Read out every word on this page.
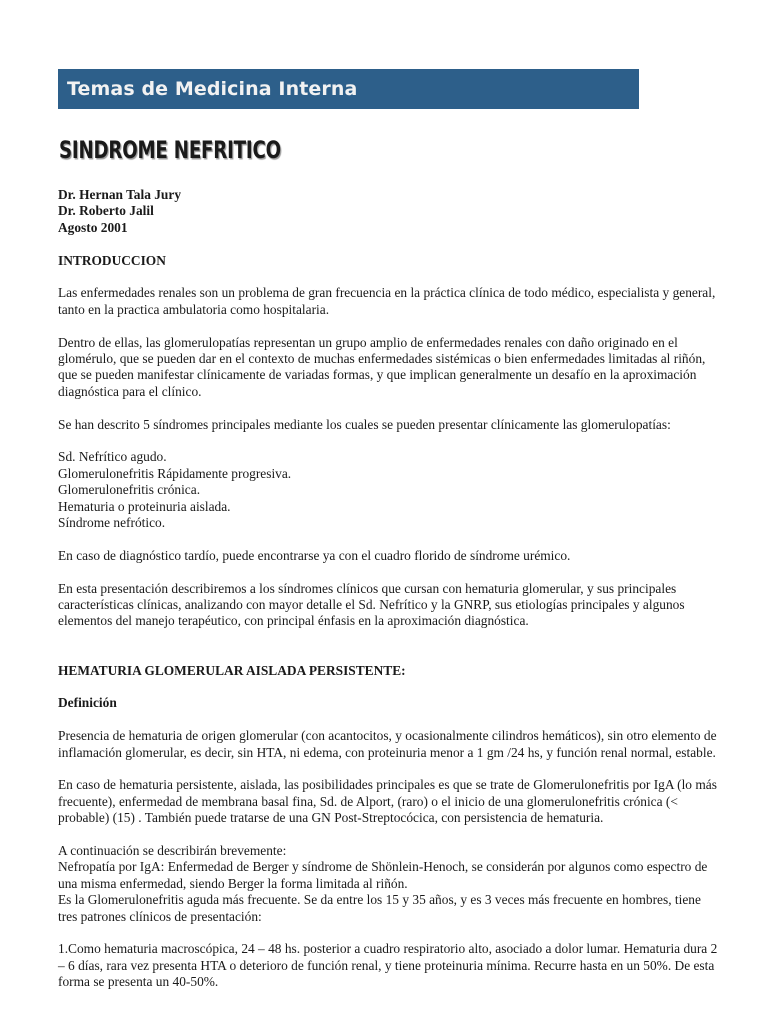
Temas de Medicina Interna
SINDROME NEFRITICO

Dr. Hernan Tala Jury

Dr. Roberto Jalil

Agosto 2001

INTRODUCCION

Las enfermedades renales son un problema de gran frecuencia en la práctica clínica de todo médico, especialista y general, tanto en la practica ambulatoria como hospitalaria.

Dentro de ellas, las glomerulopatías representan un grupo amplio de enfermedades renales con daño originado en el glomérulo, que se pueden dar en el contexto de muchas enfermedades sistémicas o bien enfermedades limitadas al riñón, que se pueden manifestar clínicamente de variadas formas, y que implican generalmente un desafío en la aproximación diagnóstica para el clínico.

Se han descrito 5 síndromes principales mediante los cuales se pueden presentar clínicamente las glomerulopatías:

Sd. Nefrítico agudo.
Glomerulonefritis Rápidamente progresiva.
Glomerulonefritis crónica.
Hematuria o proteinuria aislada.
Síndrome nefrótico.

En caso de diagnóstico tardío, puede encontrarse ya con el cuadro florido de síndrome urémico.

En esta presentación describiremos a los síndromes clínicos que cursan con hematuria glomerular, y sus principales características clínicas, analizando con mayor detalle el Sd. Nefrítico y la GNRP, sus etiologías principales y algunos elementos del manejo terapéutico, con principal énfasis en la aproximación diagnóstica.

HEMATURIA GLOMERULAR AISLADA PERSISTENTE:

Definición

Presencia de hematuria de origen glomerular (con acantocitos, y ocasionalmente cilindros hemáticos), sin otro elemento de inflamación glomerular, es decir, sin HTA, ni edema, con proteinuria menor a 1 gm /24 hs, y función renal normal, estable.

En caso de hematuria persistente, aislada, las posibilidades principales es que se trate de Glomerulonefritis por IgA (lo más frecuente), enfermedad de membrana basal fina, Sd. de Alport, (raro) o el inicio de una glomerulonefritis crónica (< probable) (15) . También puede tratarse de una GN Post-Streptocócica, con persistencia de hematuria.

A continuación se describirán brevemente:

Nefropatía por IgA: Enfermedad de Berger y síndrome de Shönlein-Henoch, se considerán por algunos como espectro de una misma enfermedad, siendo Berger la forma limitada al riñón.

Es la Glomerulonefritis aguda más frecuente. Se da entre los 15 y 35 años, y es 3 veces más frecuente en hombres, tiene tres patrones clínicos de presentación:

1.Como hematuria macroscópica, 24 – 48 hs. posterior a cuadro respiratorio alto, asociado a dolor lumar. Hematuria dura 2 – 6 días, rara vez presenta HTA o deterioro de función renal, y tiene proteinuria mínima. Recurre hasta en un 50%. De esta forma se presenta un 40-50%.
